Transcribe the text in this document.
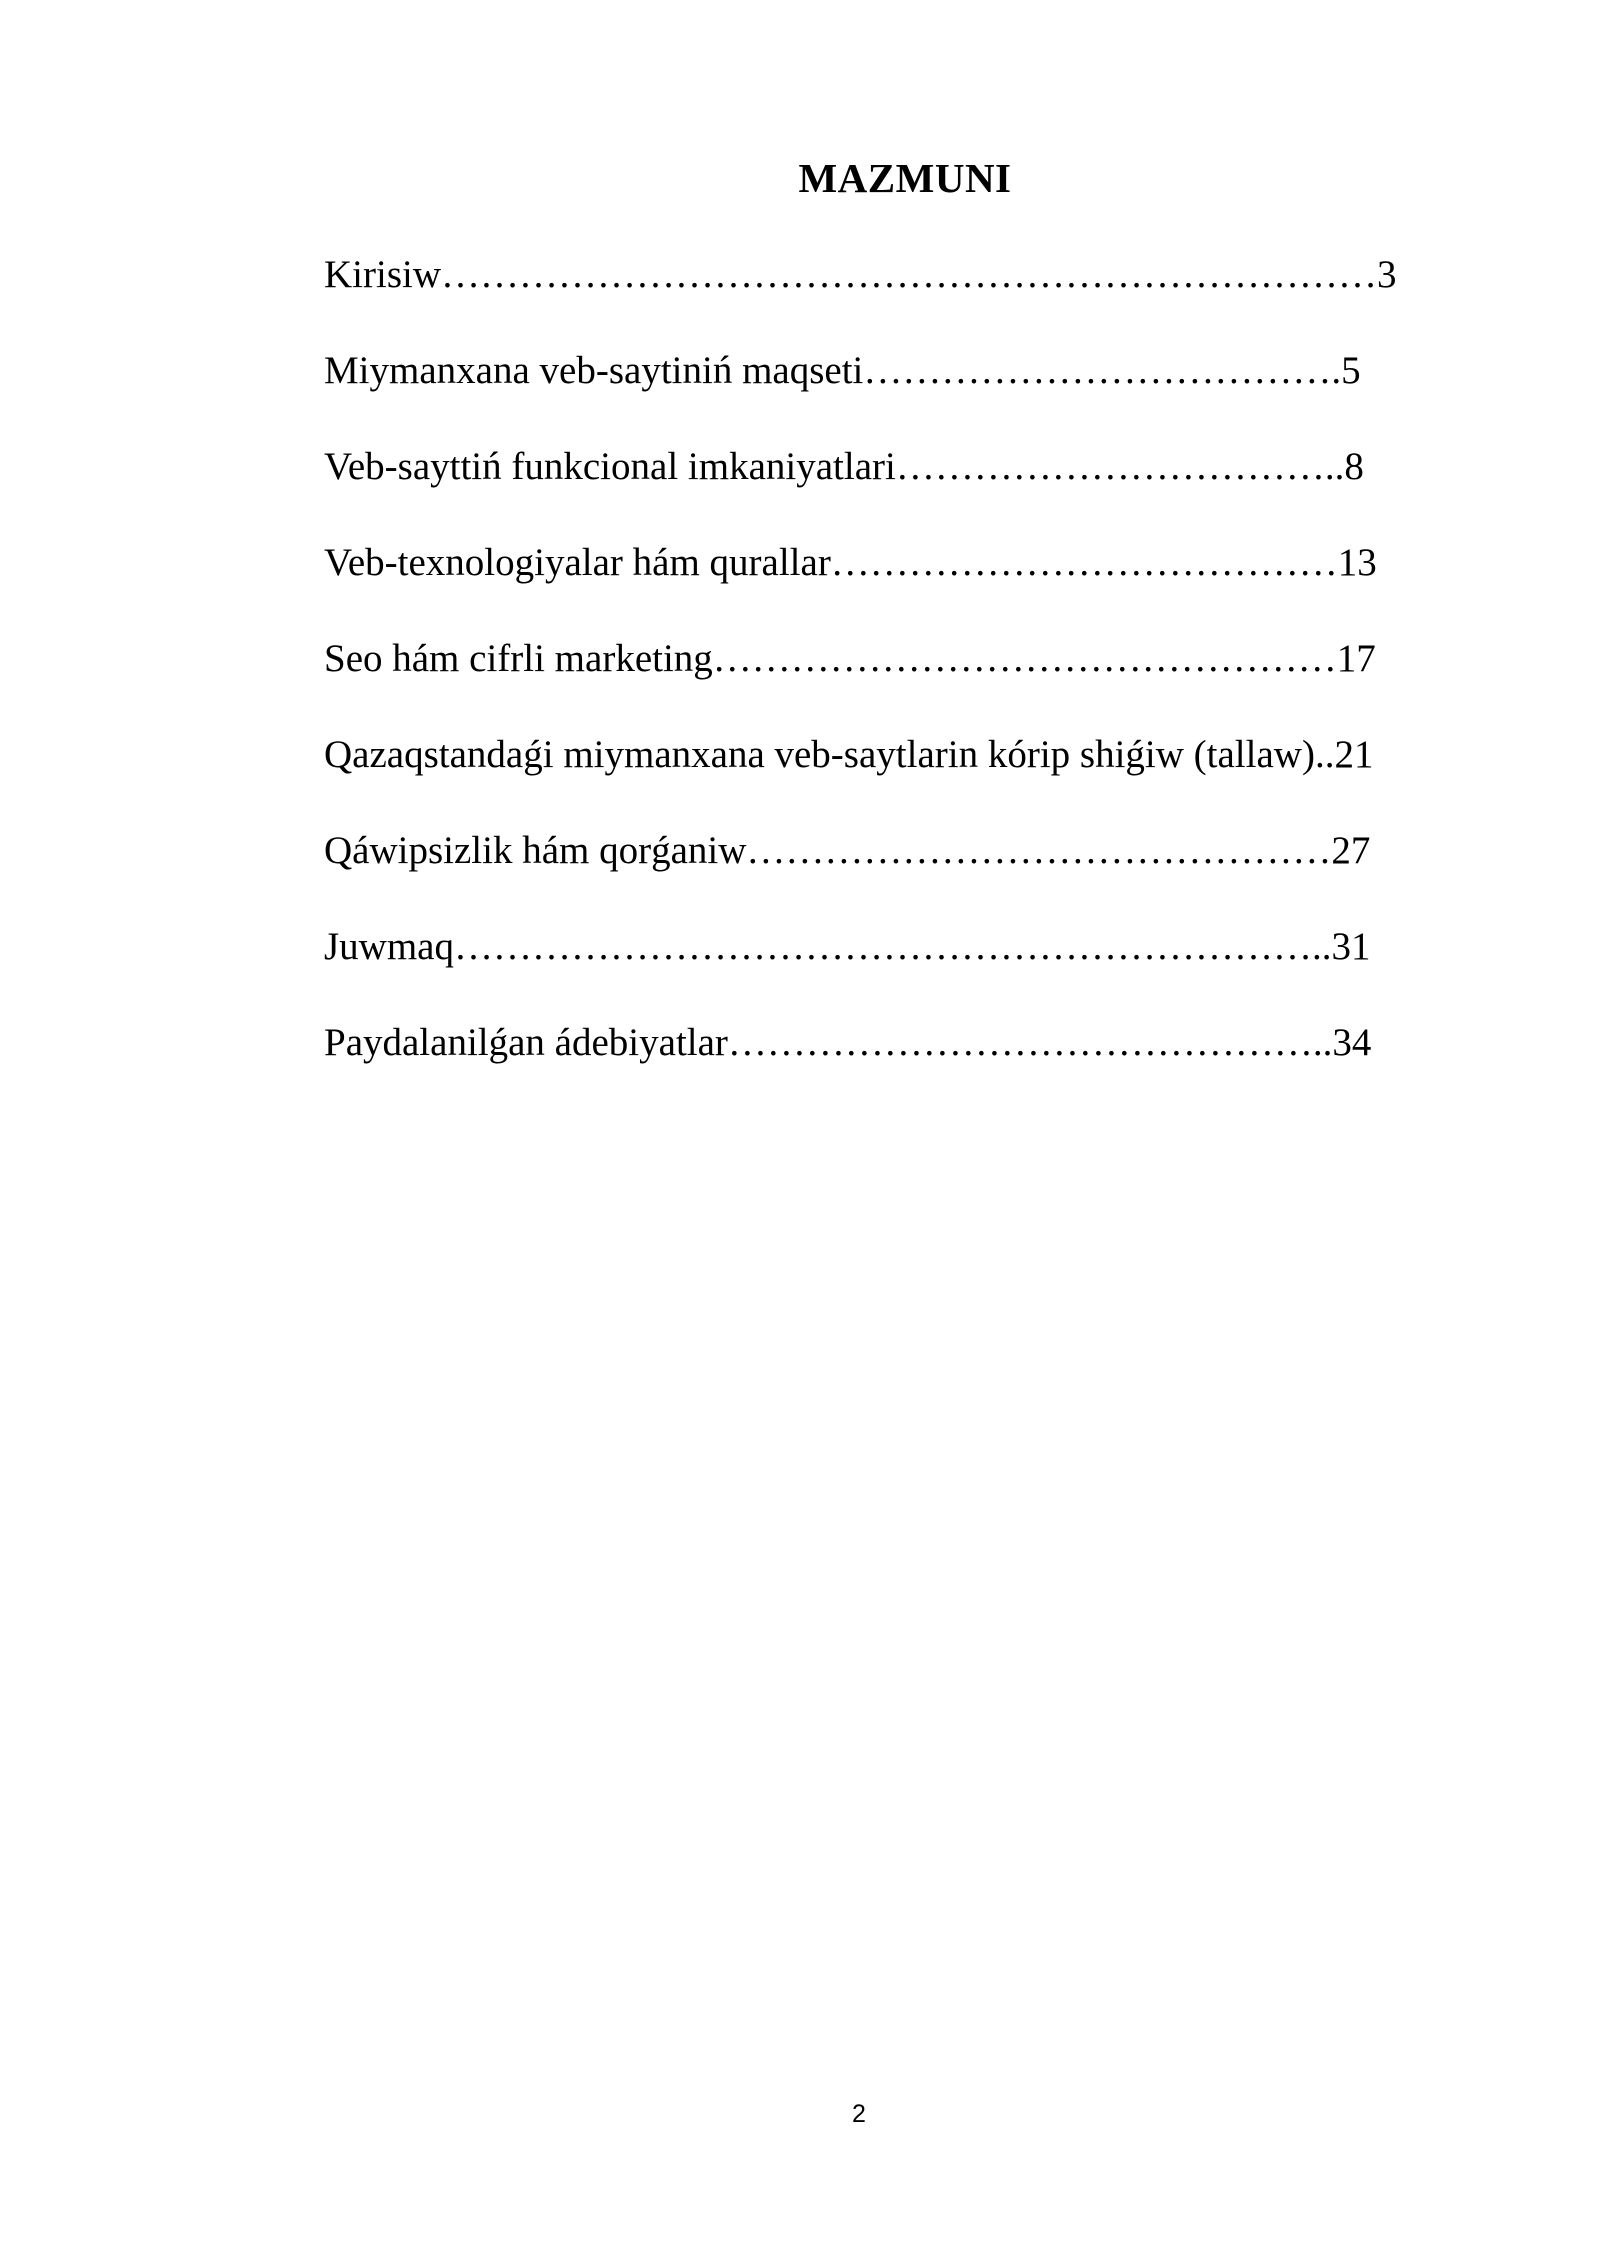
MAZMUNI
Kirisiw………………………………………………………………3
Miymanxana veb-saytiniń maqseti……………………………….5
Veb-sayttiń funkcional imkaniyatlari……………………………..8
Veb-texnologiyalar hám qurallar…………………………………13
Seo hám cifrli marketing…………………………………………17
Qazaqstandaǵi miymanxana veb-saytlarin kórip shiǵiw (tallaw)..21
Qáwipsizlik hám qorǵaniw………………………………………27
Juwmaq…………………………………………………………..31
Paydalanilǵan ádebiyatlar………………………………………..34
2
